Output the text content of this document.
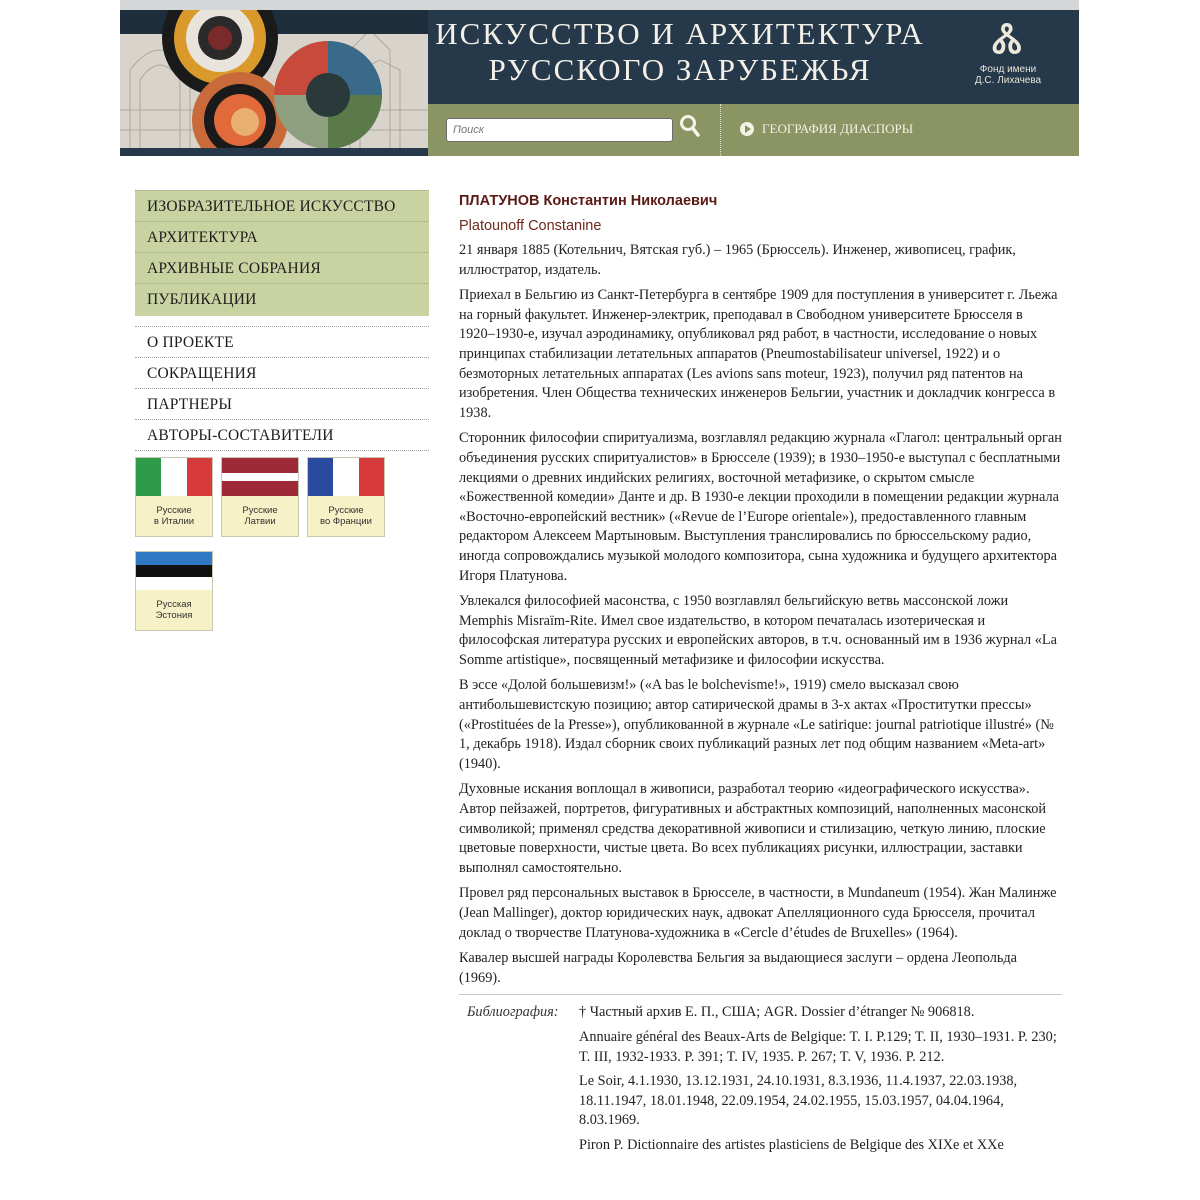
ИСКУССТВО И АРХИТЕКТУРА
РУССКОГО ЗАРУБЕЖЬЯ
Ꮬ
Фонд имени
Д.С. Лихачева
Поиск
ГЕОГРАФИЯ ДИАСПОРЫ
ИЗОБРАЗИТЕЛЬНОЕ ИСКУССТВО
АРХИТЕКТУРА
АРХИВНЫЕ СОБРАНИЯ
ПУБЛИКАЦИИ
О ПРОЕКТЕ
СОКРАЩЕНИЯ
ПАРТНЕРЫ
АВТОРЫ-СОСТАВИТЕЛИ
Русские
в Италии
Русские
Латвии
Русские
во Франции
Русская
Эстония
ПЛАТУНОВ Константин Николаевич
Platounoff Constanine

21 января 1885 (Котельнич, Вятская губ.) – 1965 (Брюссель). Инженер, живописец, график, иллюстратор, издатель.

Приехал в Бельгию из Санкт-Петербурга в сентябре 1909 для поступления в университет г. Льежа на горный факультет. Инженер-электрик, преподавал в Свободном университете Брюсселя в 1920–1930-е, изучал аэродинамику, опубликовал ряд работ, в частности, исследование о новых принципах стабилизации летательных аппаратов (Pneumostabilisateur universel, 1922) и о безмоторных летательных аппаратах (Les avions sans moteur, 1923), получил ряд патентов на изобретения. Член Общества технических инженеров Бельгии, участник и докладчик конгресса в 1938.

Сторонник философии спиритуализма, возглавлял редакцию журнала «Глагол: центральный орган объединения русских спиритуалистов» в Брюсселе (1939); в 1930–1950-е выступал с бесплатными лекциями о древних индийских религиях, восточной метафизике, о скрытом смысле «Божественной комедии» Данте и др. В 1930-е лекции проходили в помещении редакции журнала «Восточно-европейский вестник» («Revue de l’Europe orientale»), предоставленного главным редактором Алексеем Мартыновым. Выступления транслировались по брюссельскому радио, иногда сопровождались музыкой молодого композитора, сына художника и будущего архитектора Игоря Платунова.

Увлекался философией масонства, с 1950 возглавлял бельгийскую ветвь массонской ложи Memphis Misraïm-Rite. Имел свое издательство, в котором печаталась изотерическая и философская литература русских и европейских авторов, в т.ч. основанный им в 1936 журнал «La Somme artistique», посвященный метафизике и философии искусства.

В эссе «Долой большевизм!» («A bas le bolchevisme!», 1919) смело высказал свою антибольшевистскую позицию; автор сатирической драмы в 3-х актах «Проститутки прессы» («Prostituées de la Presse»), опубликованной в журнале «Le satirique: journal patriotique illustré» (№ 1, декабрь 1918). Издал сборник своих публикаций разных лет под общим названием «Meta-art» (1940).

Духовные искания воплощал в живописи, разработал теорию «идеографического искусства». Автор пейзажей, портретов, фигуративных и абстрактных композиций, наполненных масонской символикой; применял средства декоративной живописи и стилизацию, четкую линию, плоские цветовые поверхности, чистые цвета. Во всех публикациях рисунки, иллюстрации, заставки выполнял самостоятельно.

Провел ряд персональных выставок в Брюсселе, в частности, в Mundaneum (1954). Жан Малинже (Jean Mallinger), доктор юридических наук, адвокат Апелляционного суда Брюсселя, прочитал доклад о творчестве Платунова-художника в «Cercle d’études de Bruxelles» (1964).

Кавалер высшей награды Королевства Бельгия за выдающиеся заслуги – ордена Леопольда (1969).

Библиография: † Частный архив Е. П., США; AGR. Dossier d’étranger № 906818.

Annuaire général des Beaux-Arts de Belgique: T. I. P.129; T. II, 1930–1931. P. 230; T. III, 1932-1933. P. 391; T. IV, 1935. P. 267; T. V, 1936. P. 212.

Le Soir, 4.1.1930, 13.12.1931, 24.10.1931, 8.3.1936, 11.4.1937, 22.03.1938, 18.11.1947, 18.01.1948, 22.09.1954, 24.02.1955, 15.03.1957, 04.04.1964, 8.03.1969.

Piron P. Dictionnaire des artistes plasticiens de Belgique des XIXe et XXe
